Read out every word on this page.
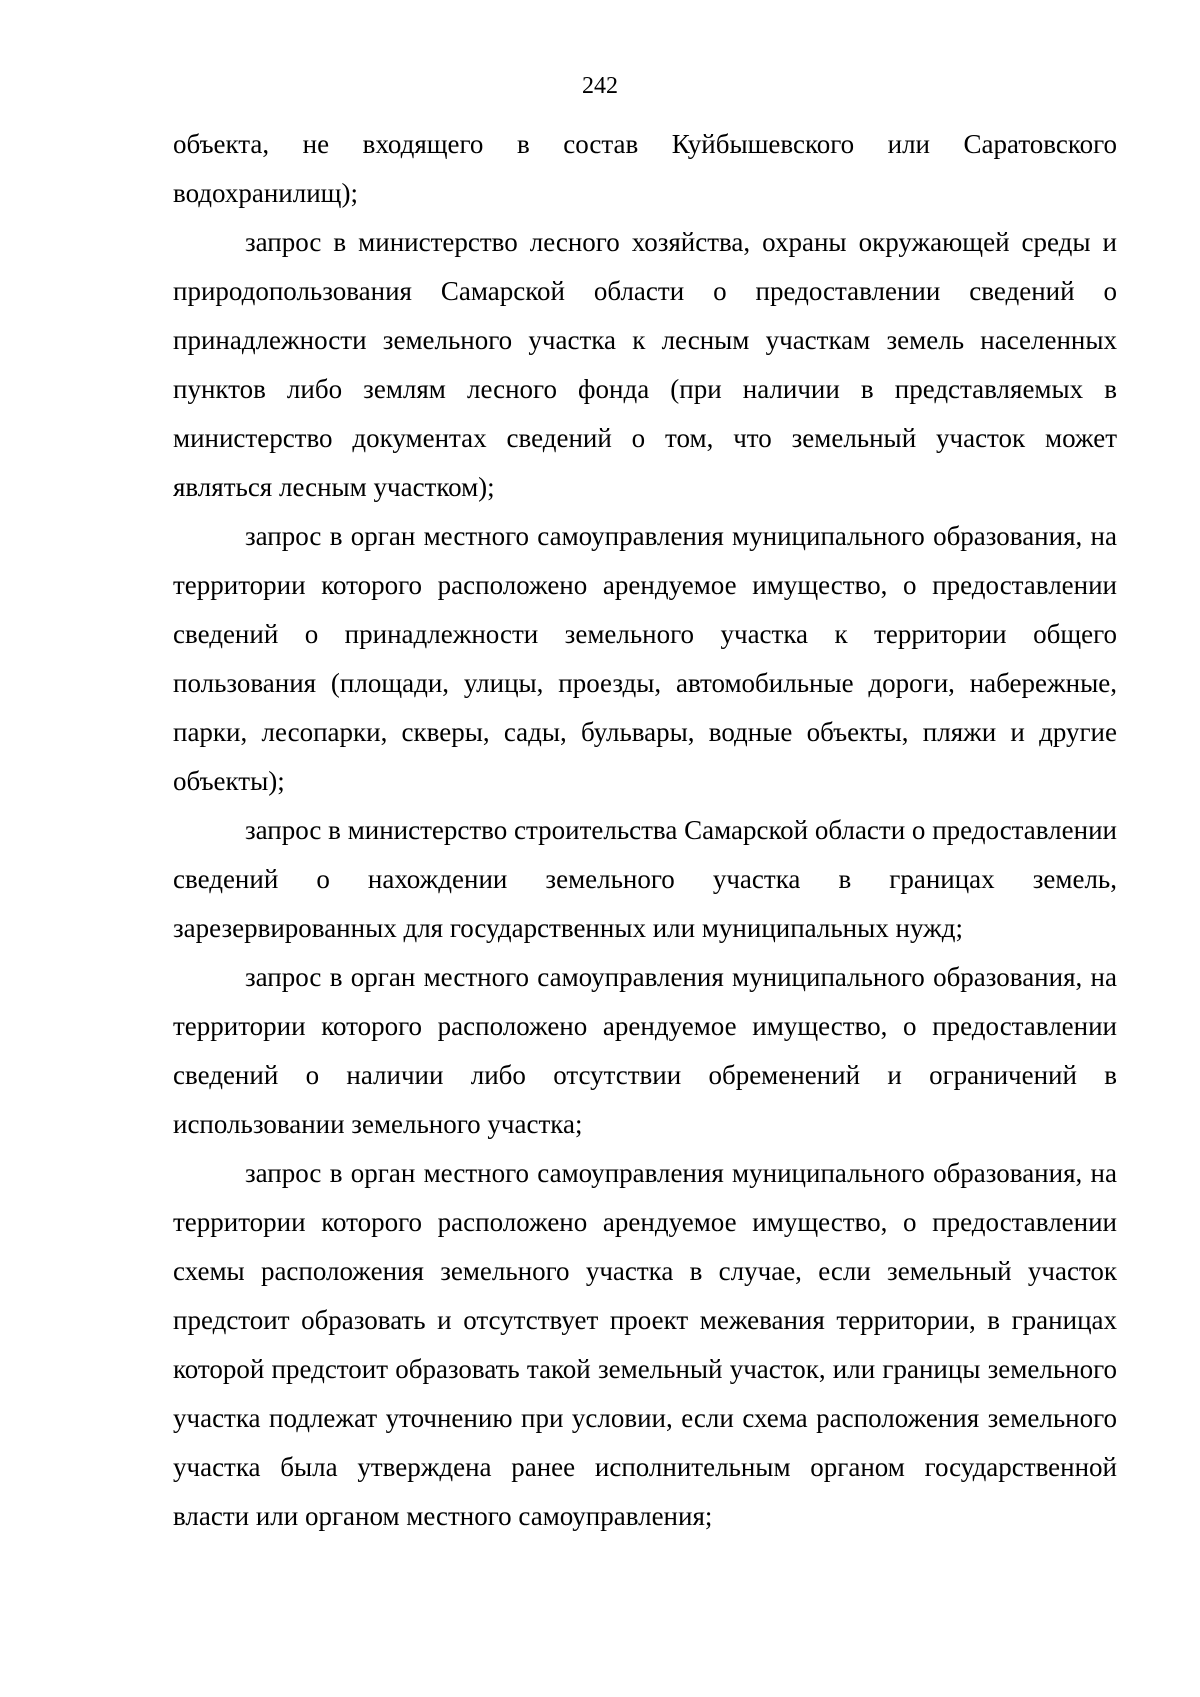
242

объекта, не входящего в состав Куйбышевского или Саратовского водохранилищ);

запрос в министерство лесного хозяйства, охраны окружающей среды и природопользования Самарской области о предоставлении сведений о принадлежности земельного участка к лесным участкам земель населенных пунктов либо землям лесного фонда (при наличии в представляемых в министерство документах сведений о том, что земельный участок может являться лесным участком);

запрос в орган местного самоуправления муниципального образования, на территории которого расположено арендуемое имущество, о предоставлении сведений о принадлежности земельного участка к территории общего пользования (площади, улицы, проезды, автомобильные дороги, набережные, парки, лесопарки, скверы, сады, бульвары, водные объекты, пляжи и другие объекты);

запрос в министерство строительства Самарской области о предоставлении сведений о нахождении земельного участка в границах земель, зарезервированных для государственных или муниципальных нужд;

запрос в орган местного самоуправления муниципального образования, на территории которого расположено арендуемое имущество, о предоставлении сведений о наличии либо отсутствии обременений и ограничений в использовании земельного участка;

запрос в орган местного самоуправления муниципального образования, на территории которого расположено арендуемое имущество, о предоставлении схемы расположения земельного участка в случае, если земельный участок предстоит образовать и отсутствует проект межевания территории, в границах которой предстоит образовать такой земельный участок, или границы земельного участка подлежат уточнению при условии, если схема расположения земельного участка была утверждена ранее исполнительным органом государственной власти или органом местного самоуправления;
